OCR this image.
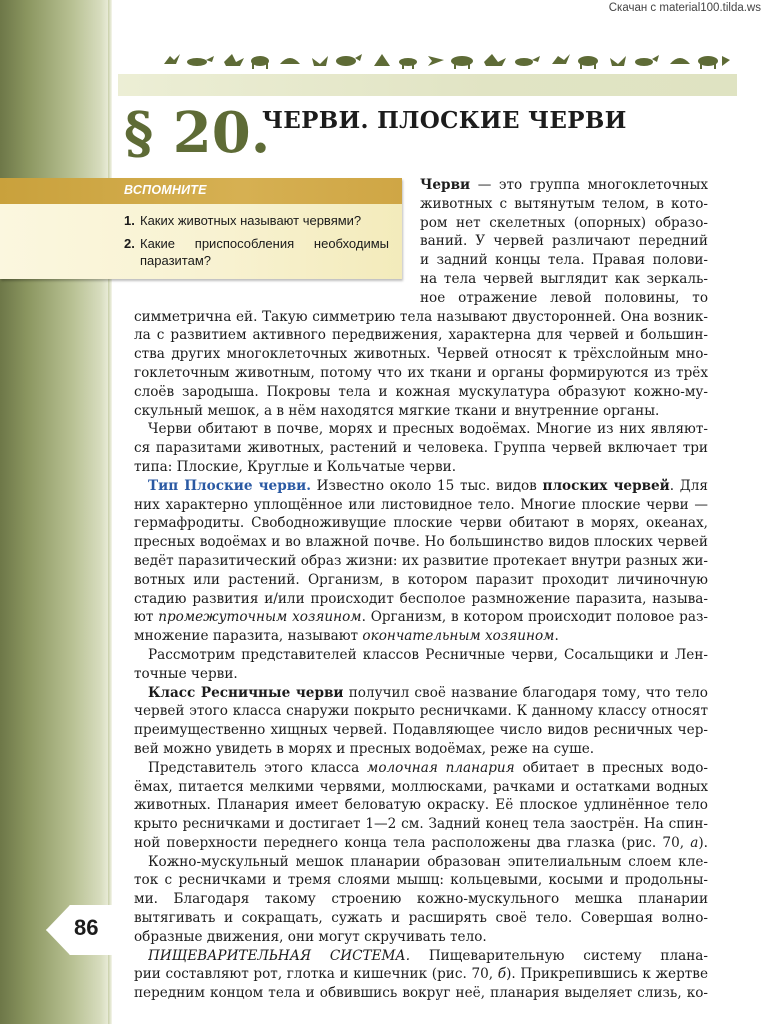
Скачан с material100.tilda.ws
§ 20.
ЧЕРВИ. ПЛОСКИЕ ЧЕРВИ
ВСПОМНИТЕ
1. Каких животных называют червями?
2. Какие приспособления необходимы паразитам?
Черви — это группа многоклеточных
животных с вытянутым телом, в кото-
ром нет скелетных (опорных) образо-
ваний. У червей различают передний
и задний концы тела. Правая полови-
на тела червей выглядит как зеркаль-
ное отражение левой половины, то
симметрична ей. Такую симметрию тела называют двусторонней. Она возник-
ла с развитием активного передвижения, характерна для червей и большин-
ства других многоклеточных животных. Червей относят к трёхслойным мно-
гоклеточным животным, потому что их ткани и органы формируются из трёх
слоёв зародыша. Покровы тела и кожная мускулатура образуют кожно-му-
скульный мешок, а в нём находятся мягкие ткани и внутренние органы.
Черви обитают в почве, морях и пресных водоёмах. Многие из них являют-
ся паразитами животных, растений и человека. Группа червей включает три
типа: Плоские, Круглые и Кольчатые черви.
Тип Плоские черви. Известно около 15 тыс. видов плоских червей. Для
них характерно уплощённое или листовидное тело. Многие плоские черви —
гермафродиты. Свободноживущие плоские черви обитают в морях, океанах,
пресных водоёмах и во влажной почве. Но большинство видов плоских червей
ведёт паразитический образ жизни: их развитие протекает внутри разных жи-
вотных или растений. Организм, в котором паразит проходит личиночную
стадию развития и/или происходит бесполое размножение паразита, называ-
ют промежуточным хозяином. Организм, в котором происходит половое раз-
множение паразита, называют окончательным хозяином.
Рассмотрим представителей классов Ресничные черви, Сосальщики и Лен-
точные черви.
Класс Ресничные черви получил своё название благодаря тому, что тело
червей этого класса снаружи покрыто ресничками. К данному классу относят
преимущественно хищных червей. Подавляющее число видов ресничных чер-
вей можно увидеть в морях и пресных водоёмах, реже на суше.
Представитель этого класса молочная планария обитает в пресных водо-
ёмах, питается мелкими червями, моллюсками, рачками и остатками водных
животных. Планария имеет беловатую окраску. Её плоское удлинённое тело
крыто ресничками и достигает 1—2 см. Задний конец тела заострён. На спин-
ной поверхности переднего конца тела расположены два глазка (рис. 70, а).
Кожно-мускульный мешок планарии образован эпителиальным слоем кле-
ток с ресничками и тремя слоями мышц: кольцевыми, косыми и продольны-
ми. Благодаря такому строению кожно-мускульного мешка планарии
вытягивать и сокращать, сужать и расширять своё тело. Совершая волно-
образные движения, они могут скручивать тело.
ПИЩЕВАРИТЕЛЬНАЯ СИСТЕМА. Пищеварительную систему плана-
рии составляют рот, глотка и кишечник (рис. 70, б). Прикрепившись к жертве
передним концом тела и обвившись вокруг неё, планария выделяет слизь, ко-
86
